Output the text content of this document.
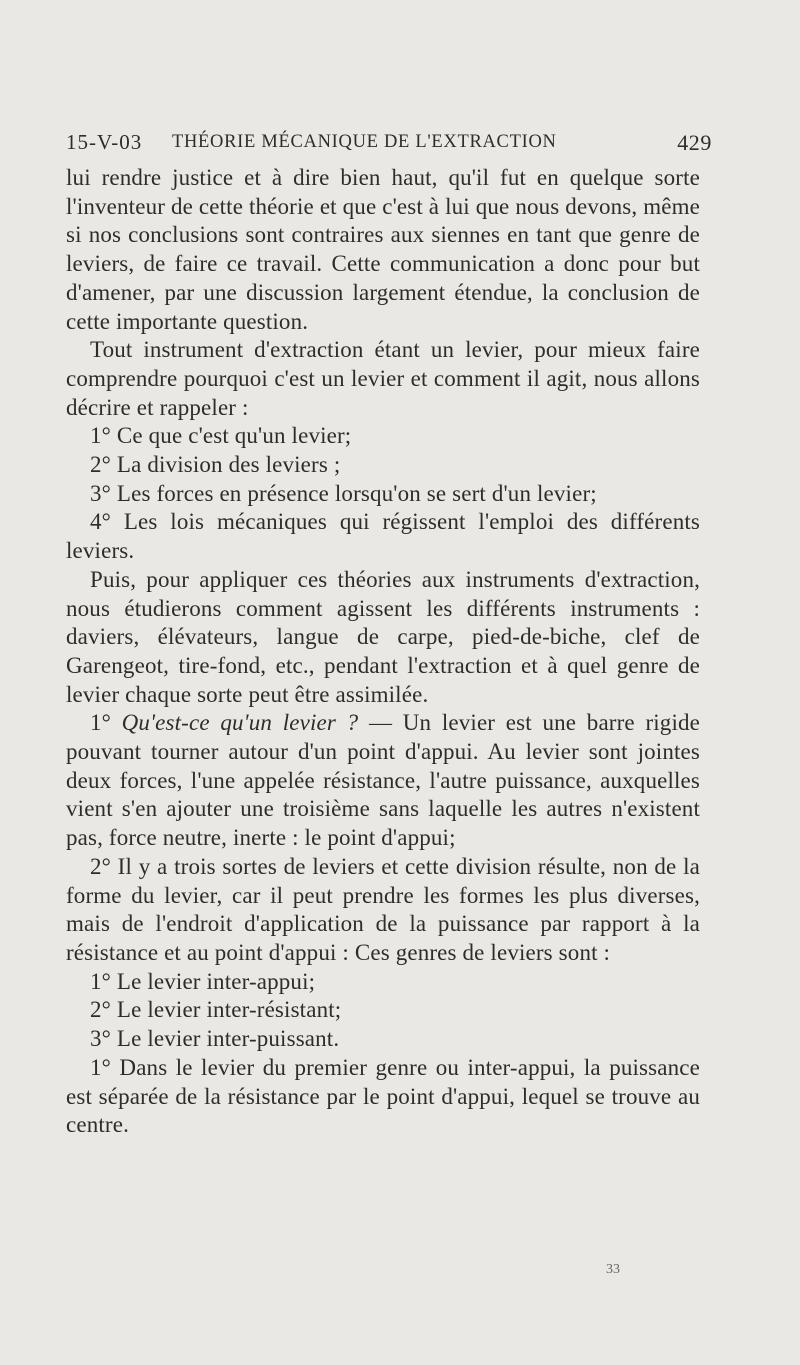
15-V-03 THÉORIE MÉCANIQUE DE L'EXTRACTION	429

lui rendre justice et à dire bien haut, qu'il fut en quelque sorte l'inventeur de cette théorie et que c'est à lui que nous devons, même si nos conclusions sont contraires aux siennes en tant que genre de leviers, de faire ce travail. Cette communication a donc pour but d'amener, par une discussion largement étendue, la conclusion de cette importante question.

Tout instrument d'extraction étant un levier, pour mieux faire comprendre pourquoi c'est un levier et comment il agit, nous allons décrire et rappeler :

1° Ce que c'est qu'un levier;

2° La division des leviers ;

3° Les forces en présence lorsqu'on se sert d'un levier;

4° Les lois mécaniques qui régissent l'emploi des différents leviers.

Puis, pour appliquer ces théories aux instruments d'extraction, nous étudierons comment agissent les différents instruments : daviers, élévateurs, langue de carpe, pied-de-biche, clef de Garengeot, tire-fond, etc., pendant l'extraction et à quel genre de levier chaque sorte peut être assimilée.

1° Qu'est-ce qu'un levier ? — Un levier est une barre rigide pouvant tourner autour d'un point d'appui. Au levier sont jointes deux forces, l'une appelée résistance, l'autre puissance, auxquelles vient s'en ajouter une troisième sans laquelle les autres n'existent pas, force neutre, inerte : le point d'appui;

2° Il y a trois sortes de leviers et cette division résulte, non de la forme du levier, car il peut prendre les formes les plus diverses, mais de l'endroit d'application de la puissance par rapport à la résistance et au point d'appui : Ces genres de leviers sont :

1° Le levier inter-appui;

2° Le levier inter-résistant;

3° Le levier inter-puissant.

1° Dans le levier du premier genre ou inter-appui, la puissance est séparée de la résistance par le point d'appui, lequel se trouve au centre.

33
